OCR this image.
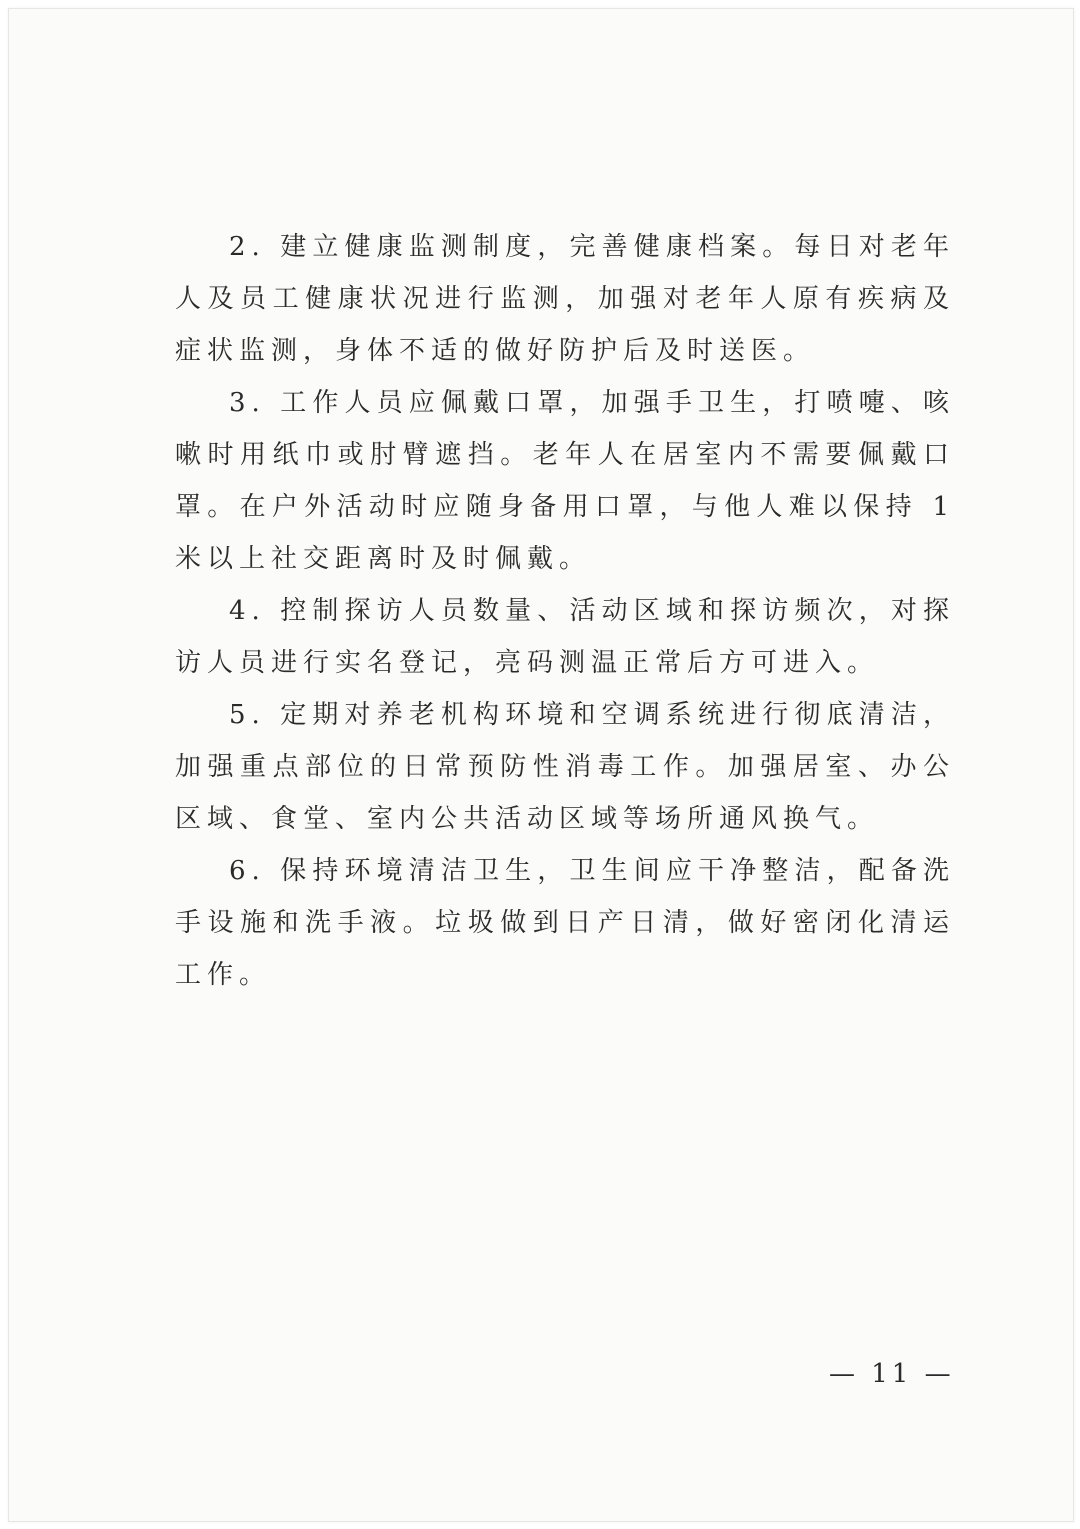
2. 建立健康监测制度，完善健康档案。每日对老年人及员工健康状况进行监测，加强对老年人原有疾病及症状监测，身体不适的做好防护后及时送医。

3. 工作人员应佩戴口罩，加强手卫生，打喷嚏、咳嗽时用纸巾或肘臂遮挡。老年人在居室内不需要佩戴口罩。在户外活动时应随身备用口罩，与他人难以保持 1 米以上社交距离时及时佩戴。

4. 控制探访人员数量、活动区域和探访频次，对探访人员进行实名登记，亮码测温正常后方可进入。

5. 定期对养老机构环境和空调系统进行彻底清洁，加强重点部位的日常预防性消毒工作。加强居室、办公区域、食堂、室内公共活动区域等场所通风换气。

6. 保持环境清洁卫生，卫生间应干净整洁，配备洗手设施和洗手液。垃圾做到日产日清，做好密闭化清运工作。

— 11 —
